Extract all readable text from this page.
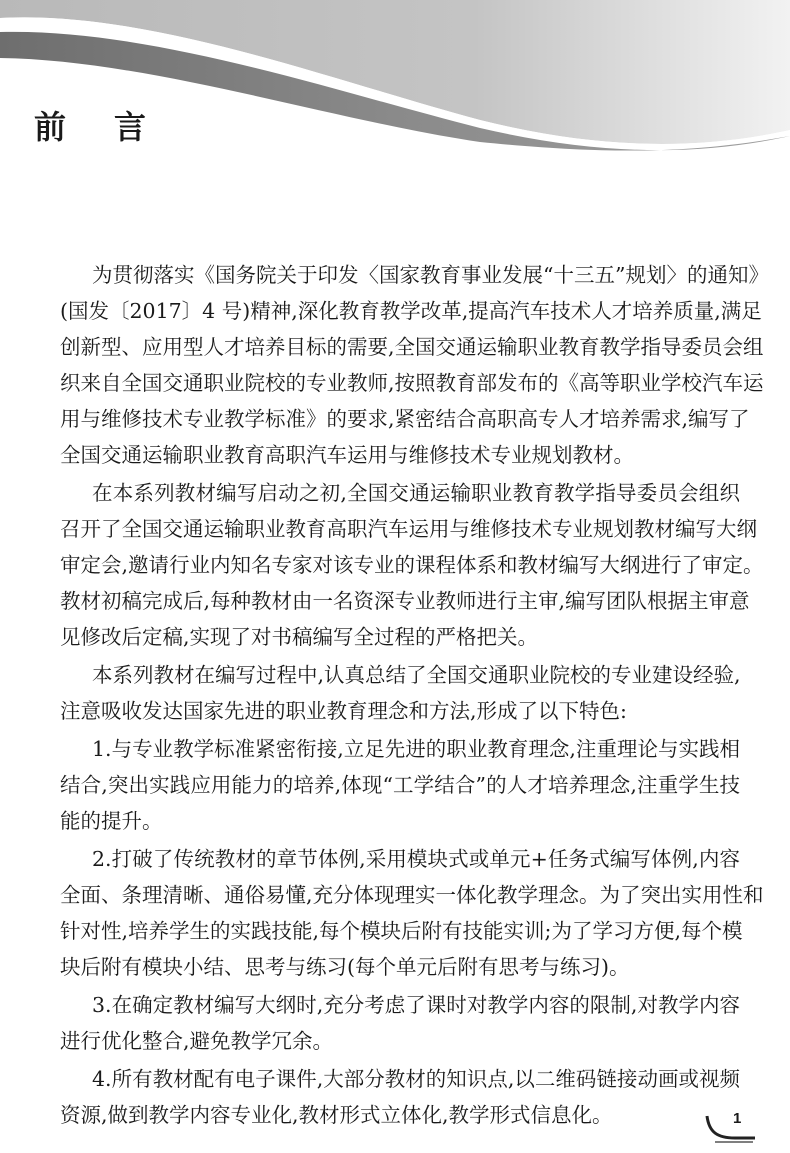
前 言
为贯彻落实《国务院关于印发〈国家教育事业发展“十三五”规划〉的通知》
(国发〔2017〕4 号)精神,深化教育教学改革,提高汽车技术人才培养质量,满足
创新型、应用型人才培养目标的需要,全国交通运输职业教育教学指导委员会组
织来自全国交通职业院校的专业教师,按照教育部发布的《高等职业学校汽车运
用与维修技术专业教学标准》的要求,紧密结合高职高专人才培养需求,编写了
全国交通运输职业教育高职汽车运用与维修技术专业规划教材。
在本系列教材编写启动之初,全国交通运输职业教育教学指导委员会组织
召开了全国交通运输职业教育高职汽车运用与维修技术专业规划教材编写大纲
审定会,邀请行业内知名专家对该专业的课程体系和教材编写大纲进行了审定。
教材初稿完成后,每种教材由一名资深专业教师进行主审,编写团队根据主审意
见修改后定稿,实现了对书稿编写全过程的严格把关。
本系列教材在编写过程中,认真总结了全国交通职业院校的专业建设经验,
注意吸收发达国家先进的职业教育理念和方法,形成了以下特色:
1.与专业教学标准紧密衔接,立足先进的职业教育理念,注重理论与实践相
结合,突出实践应用能力的培养,体现“工学结合”的人才培养理念,注重学生技
能的提升。
2.打破了传统教材的章节体例,采用模块式或单元+任务式编写体例,内容
全面、条理清晰、通俗易懂,充分体现理实一体化教学理念。为了突出实用性和
针对性,培养学生的实践技能,每个模块后附有技能实训;为了学习方便,每个模
块后附有模块小结、思考与练习(每个单元后附有思考与练习)。
3.在确定教材编写大纲时,充分考虑了课时对教学内容的限制,对教学内容
进行优化整合,避免教学冗余。
4.所有教材配有电子课件,大部分教材的知识点,以二维码链接动画或视频
资源,做到教学内容专业化,教材形式立体化,教学形式信息化。	1
